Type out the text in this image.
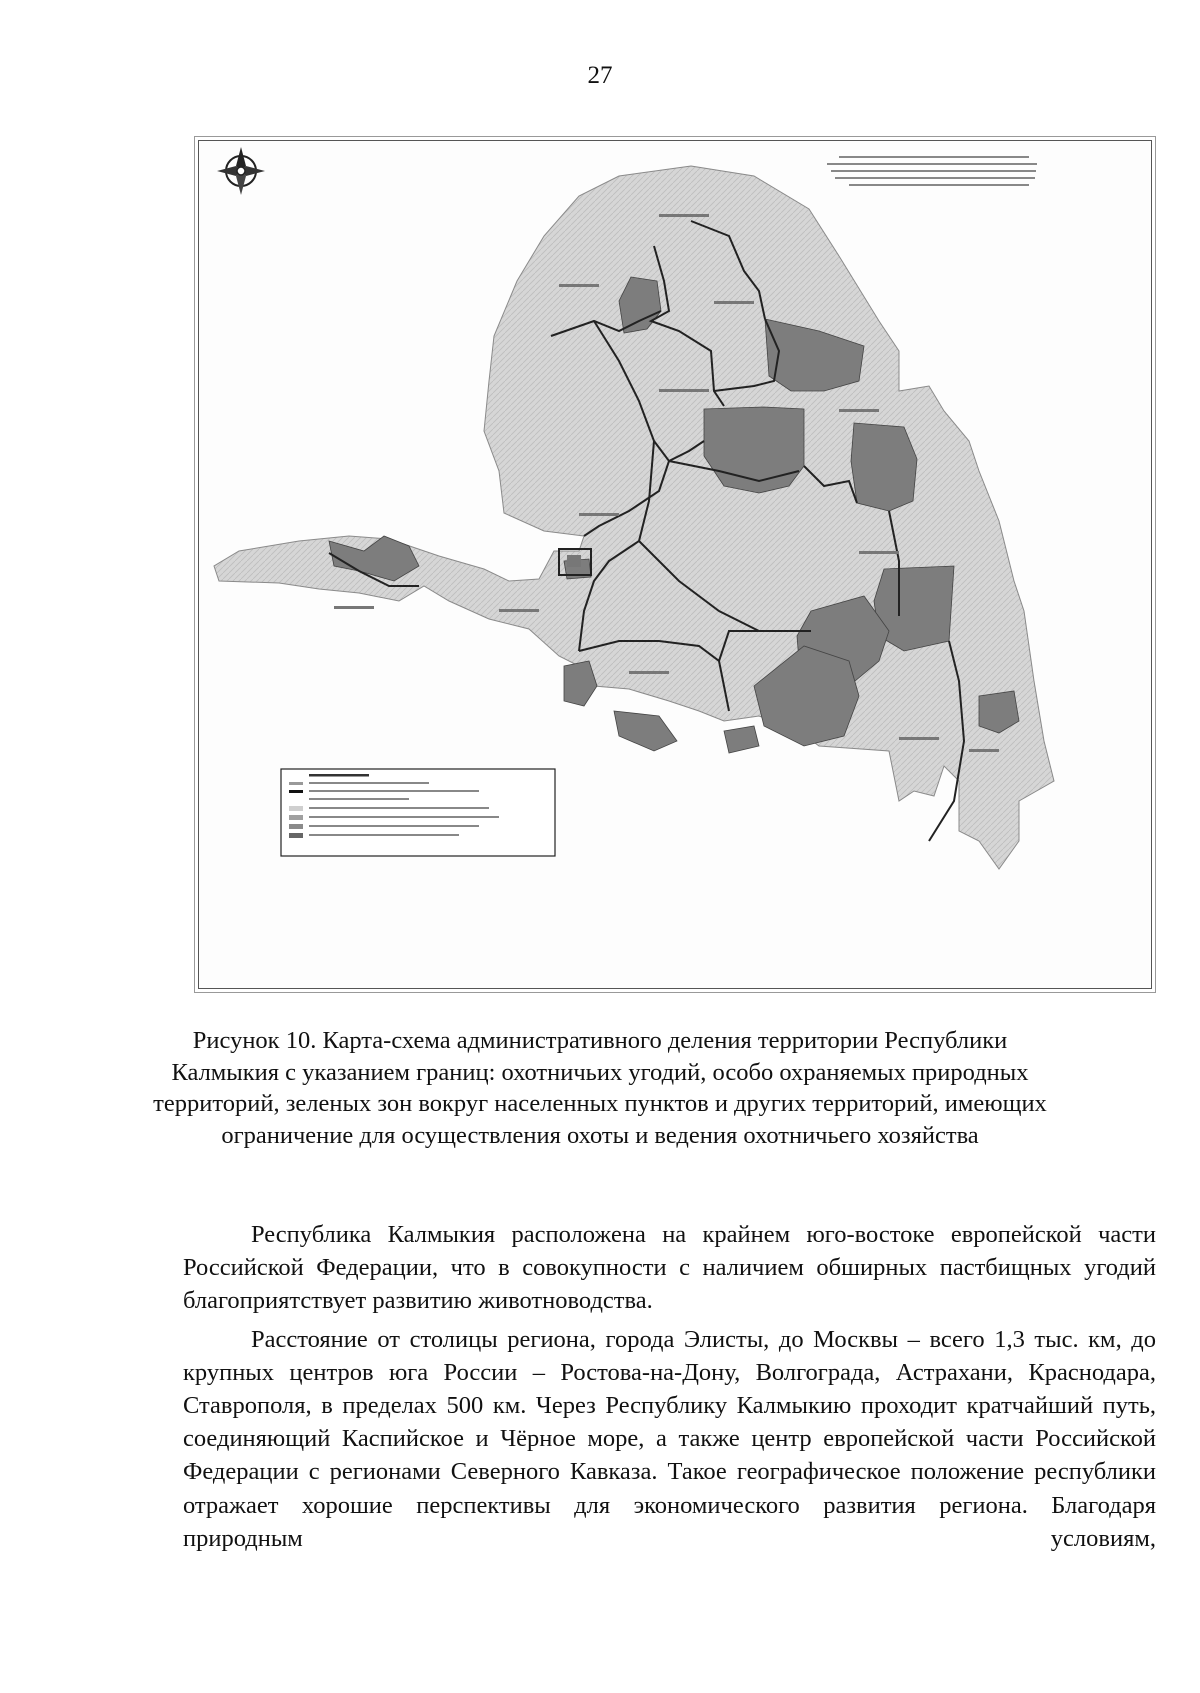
27
Рисунок 10. Карта-схема административного деления территории Республики Калмыкия с указанием границ: охотничьих угодий, особо охраняемых природных территорий, зеленых зон вокруг населенных пунктов и других территорий, имеющих ограничение для осуществления охоты и ведения охотничьего хозяйства

Республика Калмыкия расположена на крайнем юго-востоке европейской части Российской Федерации, что в совокупности с наличием обширных пастбищных угодий благоприятствует развитию животноводства.

Расстояние от столицы региона, города Элисты, до Москвы – всего 1,3 тыс. км, до крупных центров юга России – Ростова-на-Дону, Волгограда, Астрахани, Краснодара, Ставрополя, в пределах 500 км. Через Республику Калмыкию проходит кратчайший путь, соединяющий Каспийское и Чёрное море, а также центр европейской части Российской Федерации с регионами Северного Кавказа. Такое географическое положение республики отражает хорошие перспективы для экономического развития региона. Благодаря природным условиям,
